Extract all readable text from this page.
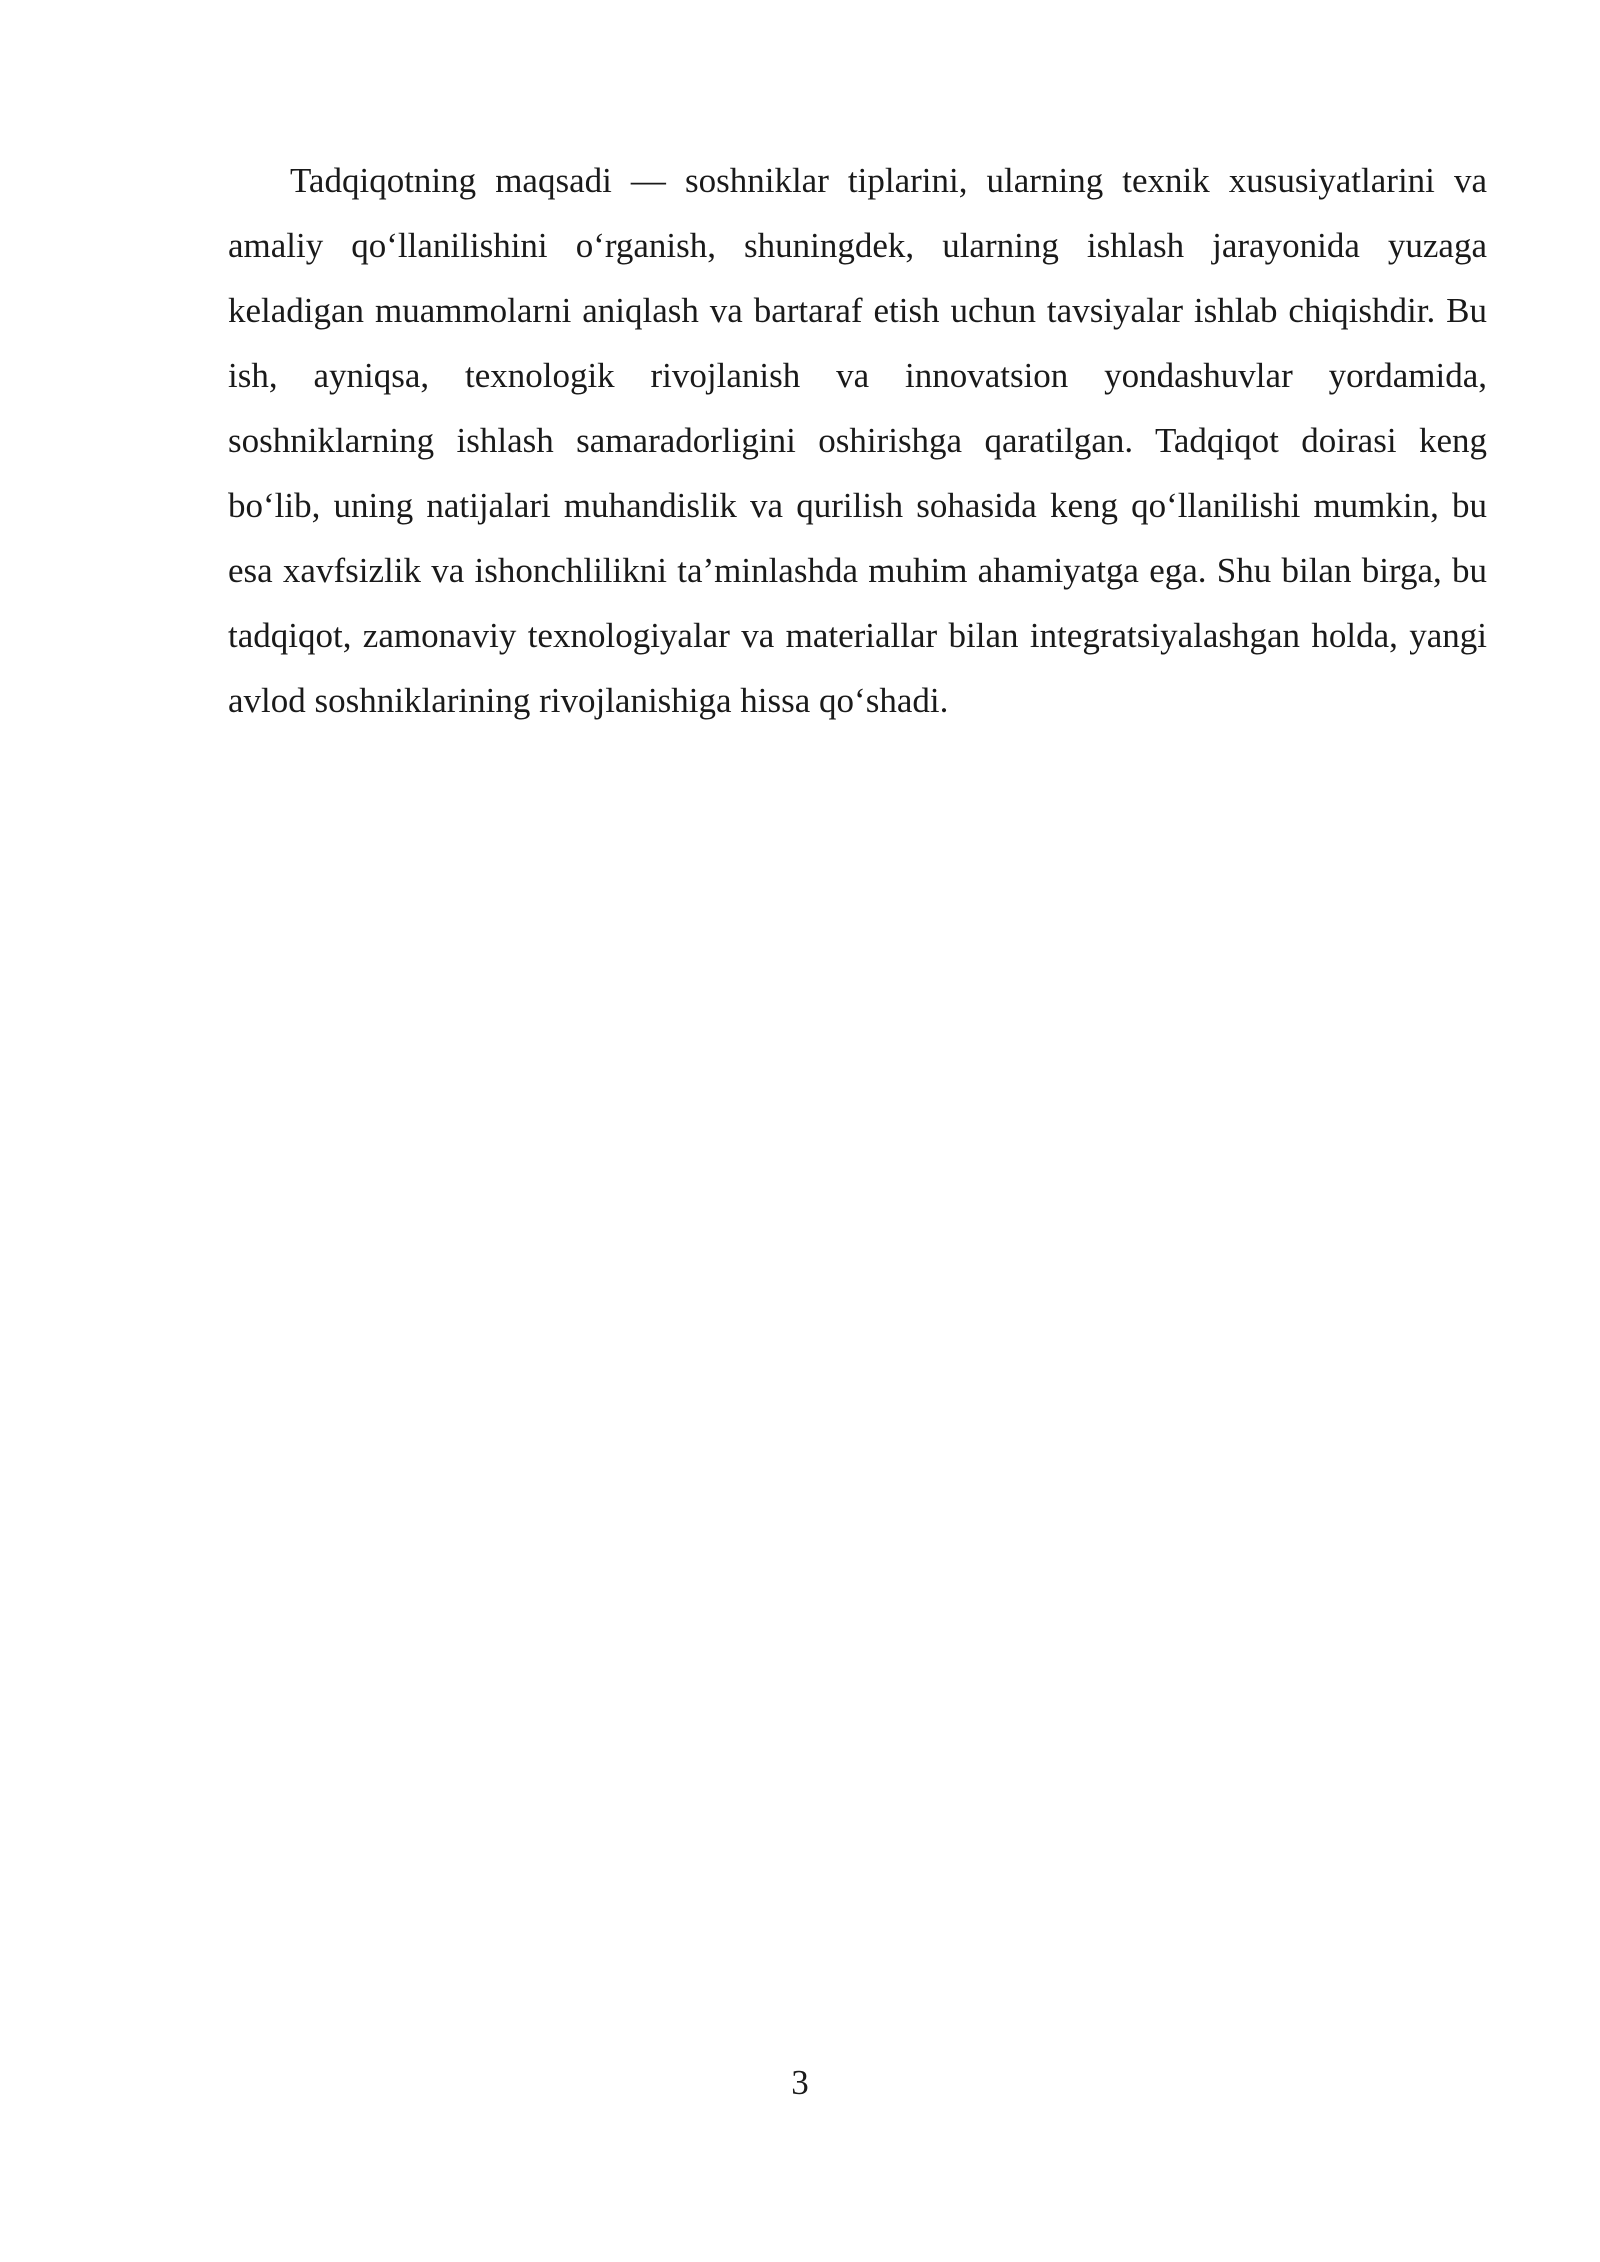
Tadqiqotning maqsadi — soshniklar tiplarini, ularning texnik xususiyatlarini va amaliy qo‘llanilishini o‘rganish, shuningdek, ularning ishlash jarayonida yuzaga keladigan muammolarni aniqlash va bartaraf etish uchun tavsiyalar ishlab chiqishdir. Bu ish, ayniqsa, texnologik rivojlanish va innovatsion yondashuvlar yordamida, soshniklarning ishlash samaradorligini oshirishga qaratilgan. Tadqiqot doirasi keng bo‘lib, uning natijalari muhandislik va qurilish sohasida keng qo‘llanilishi mumkin, bu esa xavfsizlik va ishonchlilikni ta’minlashda muhim ahamiyatga ega. Shu bilan birga, bu tadqiqot, zamonaviy texnologiyalar va materiallar bilan integratsiyalashgan holda, yangi avlod soshniklarining rivojlanishiga hissa qo‘shadi.

3
